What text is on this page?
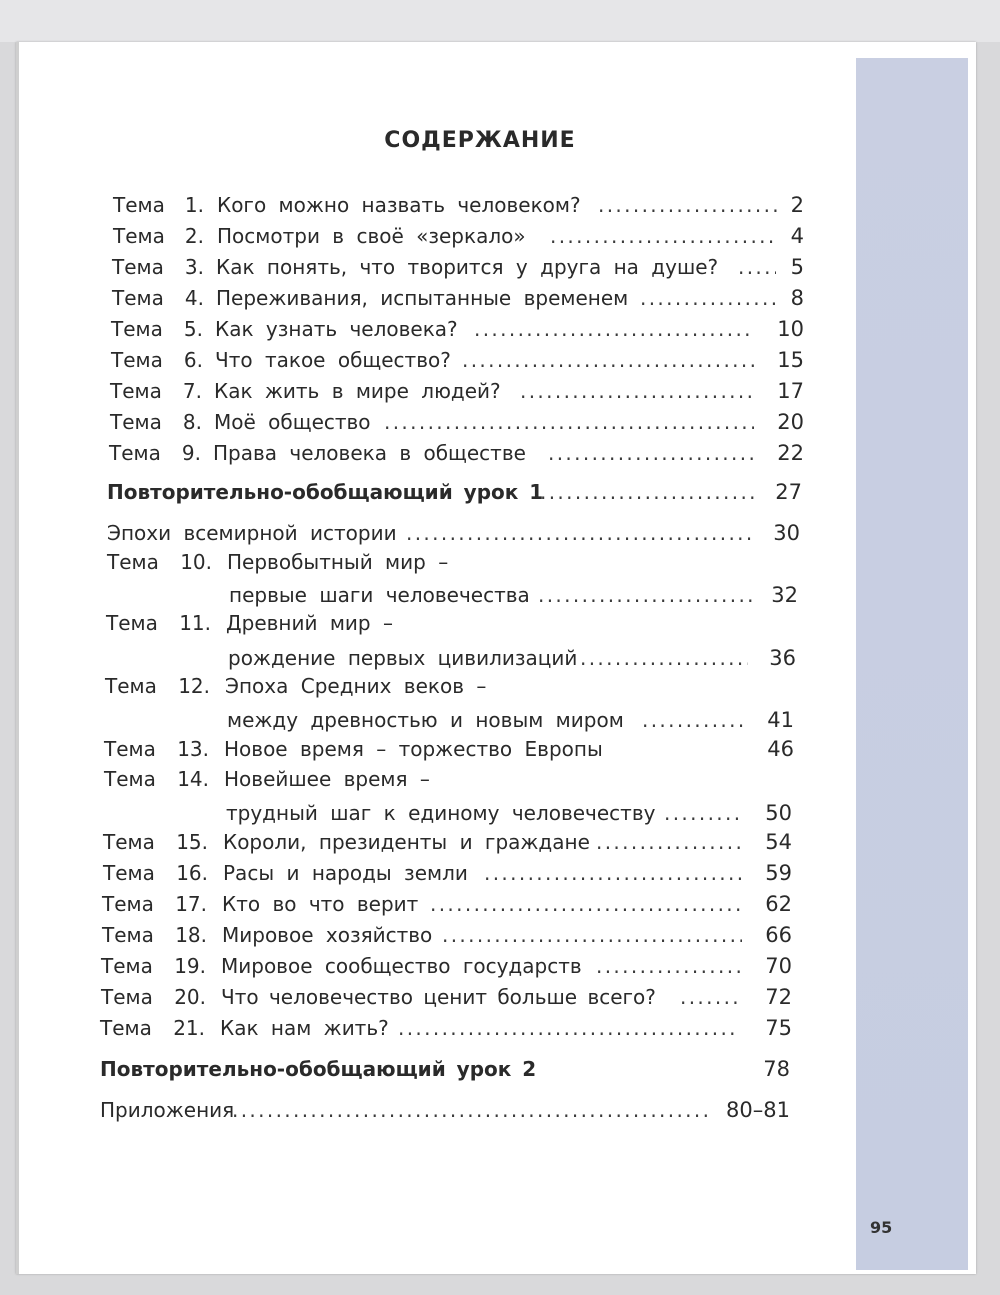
СОДЕРЖАНИЕ
Тема	1. Кого можно назвать человеком? . . .	2
Тема	2. Посмотри в своё «зеркало» . . .	4
Тема	3. Как понять, что творится у друга на душе? . . .	5
Тема	4. Переживания, испытанные временем . . .	8
Тема	5. Как узнать человека? . . .	10
Тема	6. Что такое общество? . . .	15
Тема	7. Как жить в мире людей? . . .	17
Тема	8. Моё общество . . .	20
Тема	9. Права человека в обществе . . .	22
Повторительно-обобщающий урок 1 . . .	27
Эпохи всемирной истории . . .	30
Тема	10. Первобытный мир –
первые шаги человечества . . .	32
Тема	11. Древний мир –
рождение первых цивилизаций . . .	36
Тема	12. Эпоха Средних веков –
между древностью и новым миром . . .	41
Тема	13. Новое время – торжество Европы	46
Тема	14. Новейшее время –
трудный шаг к единому человечеству . . .	50
Тема	15. Короли, президенты и граждане . . .	54
Тема	16. Расы и народы земли . . .	59
Тема	17. Кто во что верит . . .	62
Тема	18. Мировое хозяйство . . .	66
Тема	19. Мировое сообщество государств . . .	70
Тема	20. Что человечество ценит больше всего? . . .	72
Тема	21. Как нам жить? . . .	75
Повторительно-обобщающий урок 2	78
Приложения . . .	80–81
95
